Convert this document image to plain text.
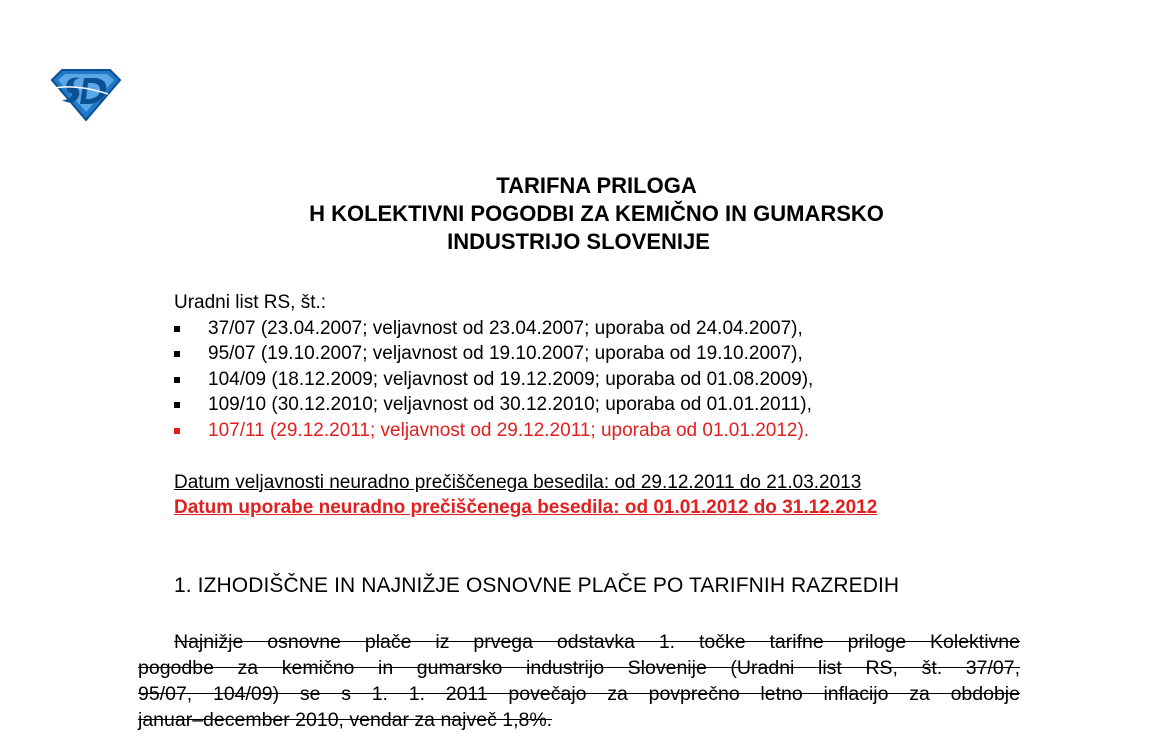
TARIFNA PRILOGA
H KOLEKTIVNI POGODBI ZA KEMIČNO IN GUMARSKO
INDUSTRIJO SLOVENIJE
Uradni list RS, št.:
37/07 (23.04.2007; veljavnost od 23.04.2007; uporaba od 24.04.2007),
95/07 (19.10.2007; veljavnost od 19.10.2007; uporaba od 19.10.2007),
104/09 (18.12.2009; veljavnost od 19.12.2009; uporaba od 01.08.2009),
109/10 (30.12.2010; veljavnost od 30.12.2010; uporaba od 01.01.2011),
107/11 (29.12.2011; veljavnost od 29.12.2011; uporaba od 01.01.2012).
Datum veljavnosti neuradno prečiščenega besedila: od 29.12.2011 do 21.03.2013
Datum uporabe neuradno prečiščenega besedila: od 01.01.2012 do 31.12.2012
1. IZHODIŠČNE IN NAJNIŽJE OSNOVNE PLAČE PO TARIFNIH RAZREDIH
Najnižje osnovne plače iz prvega odstavka 1. točke tarifne priloge Kolektivne
pogodbe za kemično in gumarsko industrijo Slovenije (Uradni list RS, št. 37/07,
95/07, 104/09) se s 1. 1. 2011 povečajo za povprečno letno inflacijo za obdobje
januar–december 2010, vendar za največ 1,8%.
